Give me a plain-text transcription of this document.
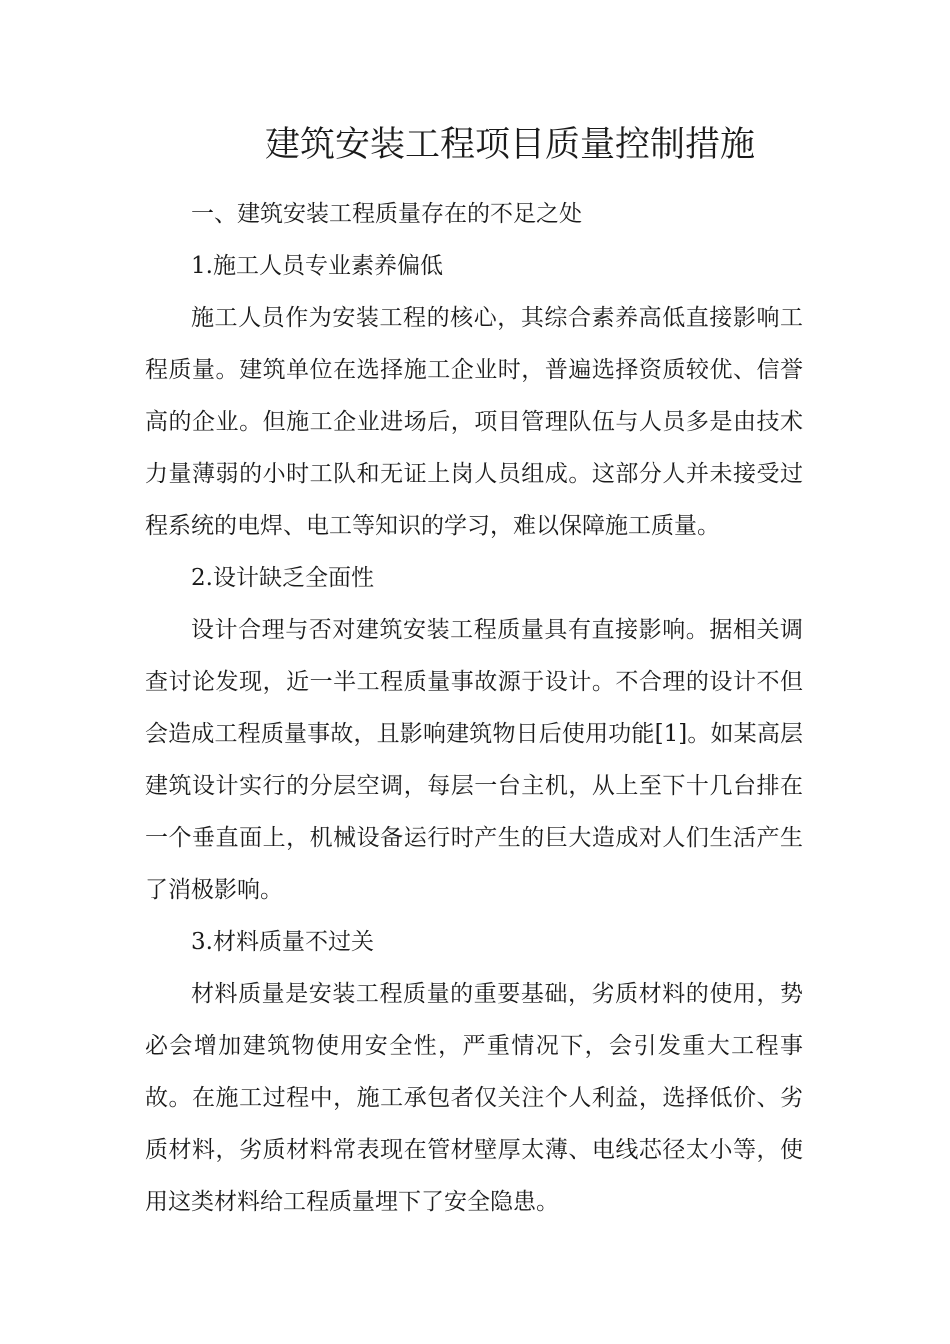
建筑安装工程项目质量控制措施

一、建筑安装工程质量存在的不足之处

1.施工人员专业素养偏低

施工人员作为安装工程的核心，其综合素养高低直接影响工程质量。建筑单位在选择施工企业时，普遍选择资质较优、信誉高的企业。但施工企业进场后，项目管理队伍与人员多是由技术力量薄弱的小时工队和无证上岗人员组成。这部分人并未接受过程系统的电焊、电工等知识的学习，难以保障施工质量。

2.设计缺乏全面性

设计合理与否对建筑安装工程质量具有直接影响。据相关调查讨论发现，近一半工程质量事故源于设计。不合理的设计不但会造成工程质量事故，且影响建筑物日后使用功能[1]。如某高层建筑设计实行的分层空调，每层一台主机，从上至下十几台排在一个垂直面上，机械设备运行时产生的巨大造成对人们生活产生了消极影响。

3.材料质量不过关

材料质量是安装工程质量的重要基础，劣质材料的使用，势必会增加建筑物使用安全性，严重情况下，会引发重大工程事故。在施工过程中，施工承包者仅关注个人利益，选择低价、劣质材料，劣质材料常表现在管材壁厚太薄、电线芯径太小等，使用这类材料给工程质量埋下了安全隐患。
